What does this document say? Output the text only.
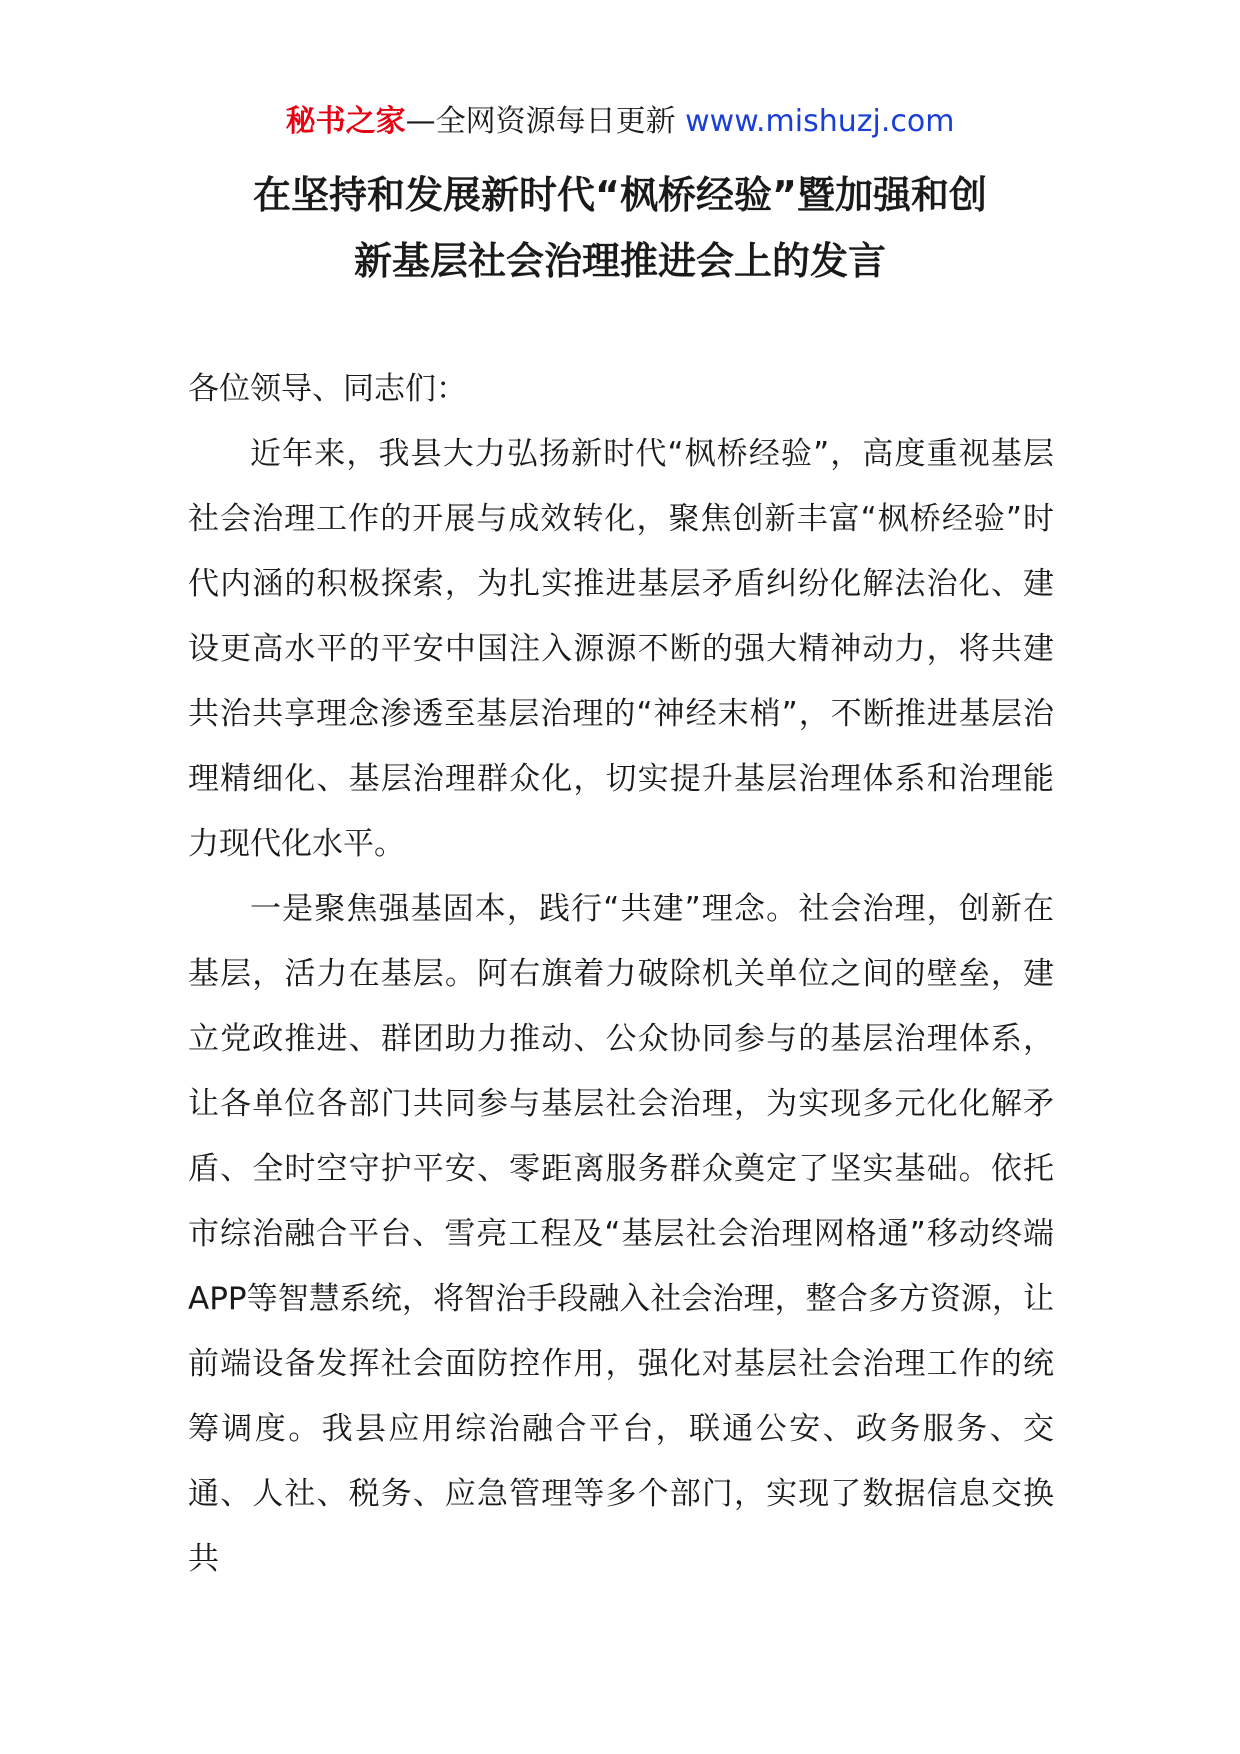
秘书之家—全网资源每日更新 www.mishuzj.com
在坚持和发展新时代“枫桥经验”暨加强和创
新基层社会治理推进会上的发言
各位领导、同志们：

近年来，我县大力弘扬新时代“枫桥经验”，高度重视基层社会治理工作的开展与成效转化，聚焦创新丰富“枫桥经验”时代内涵的积极探索，为扎实推进基层矛盾纠纷化解法治化、建设更高水平的平安中国注入源源不断的强大精神动力，将共建共治共享理念渗透至基层治理的“神经末梢”，不断推进基层治理精细化、基层治理群众化，切实提升基层治理体系和治理能力现代化水平。

一是聚焦强基固本，践行“共建”理念。社会治理，创新在基层，活力在基层。阿右旗着力破除机关单位之间的壁垒，建立党政推进、群团助力推动、公众协同参与的基层治理体系，让各单位各部门共同参与基层社会治理，为实现多元化化解矛盾、全时空守护平安、零距离服务群众奠定了坚实基础。依托市综治融合平台、雪亮工程及“基层社会治理网格通”移动终端APP等智慧系统，将智治手段融入社会治理，整合多方资源，让前端设备发挥社会面防控作用，强化对基层社会治理工作的统筹调度。我县应用综治融合平台，联通公安、政务服务、交通、人社、税务、应急管理等多个部门，实现了数据信息交换共
